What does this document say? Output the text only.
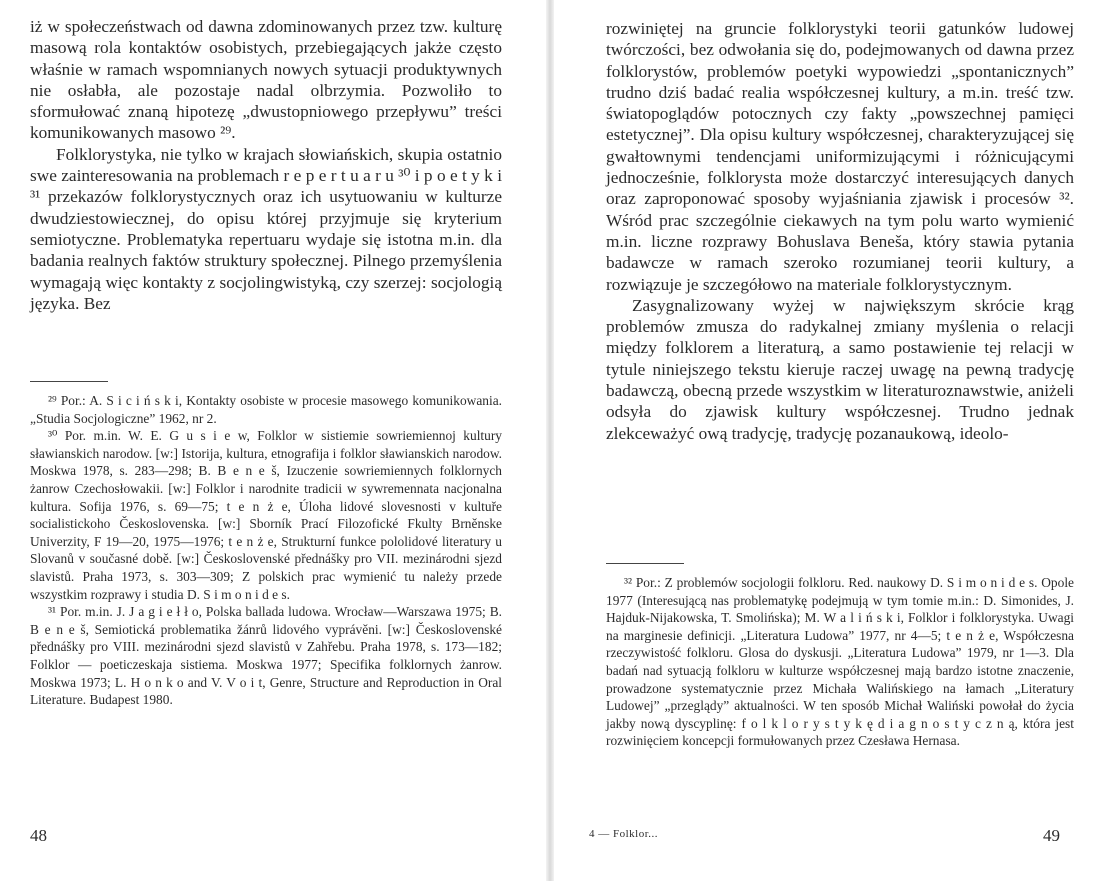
iż w społeczeństwach od dawna zdominowanych przez tzw. kulturę masową rola kontaktów osobistych, przebiegających jakże często właśnie w ramach wspomnianych nowych sytuacji produktywnych nie osłabła, ale pozostaje nadal olbrzymia. Pozwoliło to sformułować znaną hipotezę „dwustopniowego przepływu” treści komunikowanych masowo ²⁹.

Folklorystyka, nie tylko w krajach słowiańskich, skupia ostatnio swe zainteresowania na problemach r e p e r t u a r u ³⁰ i p o e t y k i ³¹ przekazów folklorystycznych oraz ich usytuowaniu w kulturze dwudziestowiecznej, do opisu której przyjmuje się kryterium semiotyczne. Problematyka repertuaru wydaje się istotna m.in. dla badania realnych faktów struktury społecznej. Pilnego przemyślenia wymagają więc kontakty z socjolingwistyką, czy szerzej: socjologią języka. Bez

²⁹ Por.: A. S i c i ń s k i, Kontakty osobiste w procesie masowego komunikowania. „Studia Socjologiczne” 1962, nr 2.

³⁰ Por. m.in. W. E. G u s i e w, Folklor w sistiemie sowriemiennoj kultury sławianskich narodow. [w:] Istorija, kultura, etnografija i folklor sławianskich narodow. Moskwa 1978, s. 283—298; B. B e n e š, Izuczenie sowriemiennych folklornych żanrow Czechosłowakii. [w:] Folklor i narodnite tradicii w sywremennata nacjonalna kultura. Sofija 1976, s. 69—75; t e n ż e, Úloha lidové slovesnosti v kultuře socialistickoho Československa. [w:] Sborník Prací Filozofické Fkulty Brněnske Univerzity, F 19—20, 1975—1976; t e n ż e, Strukturní funkce pololidové literatury u Slovanů v současné době. [w:] Československé přednášky pro VII. mezinárodni sjezd slavistů. Praha 1973, s. 303—309; Z polskich prac wymienić tu należy przede wszystkim rozprawy i studia D. S i m o n i d e s.

³¹ Por. m.in. J. J a g i e ł ł o, Polska ballada ludowa. Wrocław—Warszawa 1975; B. B e n e š, Semiotická problematika žánrů lidového vyprávěni. [w:] Československé přednášky pro VIII. mezinárodni sjezd slavistů v Zahřebu. Praha 1978, s. 173—182; Folklor — poeticzeskaja sistiema. Moskwa 1977; Specifika folklornych żanrow. Moskwa 1973; L. H o n k o and V. V o i t, Genre, Structure and Reproduction in Oral Literature. Budapest 1980.

48

rozwiniętej na gruncie folklorystyki teorii gatunków ludowej twórczości, bez odwołania się do, podejmowanych od dawna przez folklorystów, problemów poetyki wypowiedzi „spontanicznych” trudno dziś badać realia współczesnej kultury, a m.in. treść tzw. światopoglądów potocznych czy fakty „powszechnej pamięci estetycznej”. Dla opisu kultury współczesnej, charakteryzującej się gwałtownymi tendencjami uniformizującymi i różnicującymi jednocześnie, folklorysta może dostarczyć interesujących danych oraz zaproponować sposoby wyjaśniania zjawisk i procesów ³². Wśród prac szczególnie ciekawych na tym polu warto wymienić m.in. liczne rozprawy Bohuslava Beneša, który stawia pytania badawcze w ramach szeroko rozumianej teorii kultury, a rozwiązuje je szczegółowo na materiale folklorystycznym.

Zasygnalizowany wyżej w największym skrócie krąg problemów zmusza do radykalnej zmiany myślenia o relacji między folklorem a literaturą, a samo postawienie tej relacji w tytule niniejszego tekstu kieruje raczej uwagę na pewną tradycję badawczą, obecną przede wszystkim w literaturoznawstwie, aniżeli odsyła do zjawisk kultury współczesnej. Trudno jednak zlekceważyć ową tradycję, tradycję pozanaukową, ideolo-

³² Por.: Z problemów socjologii folkloru. Red. naukowy D. S i m o n i d e s. Opole 1977 (Interesującą nas problematykę podejmują w tym tomie m.in.: D. Simonides, J. Hajduk-Nijakowska, T. Smolińska); M. W a l i ń s k i, Folklor i folklorystyka. Uwagi na marginesie definicji. „Literatura Ludowa” 1977, nr 4—5; t e n ż e, Współczesna rzeczywistość folkloru. Glosa do dyskusji. „Literatura Ludowa” 1979, nr 1—3. Dla badań nad sytuacją folkloru w kulturze współczesnej mają bardzo istotne znaczenie, prowadzone systematycznie przez Michała Walińskiego na łamach „Literatury Ludowej” „przeglądy” aktualności. W ten sposób Michał Waliński powołał do życia jakby nową dyscyplinę: f o l k l o r y s t y k ę d i a g n o s t y c z n ą, która jest rozwinięciem koncepcji formułowanych przez Czesława Hernasa.

4 — Folklor...	49
